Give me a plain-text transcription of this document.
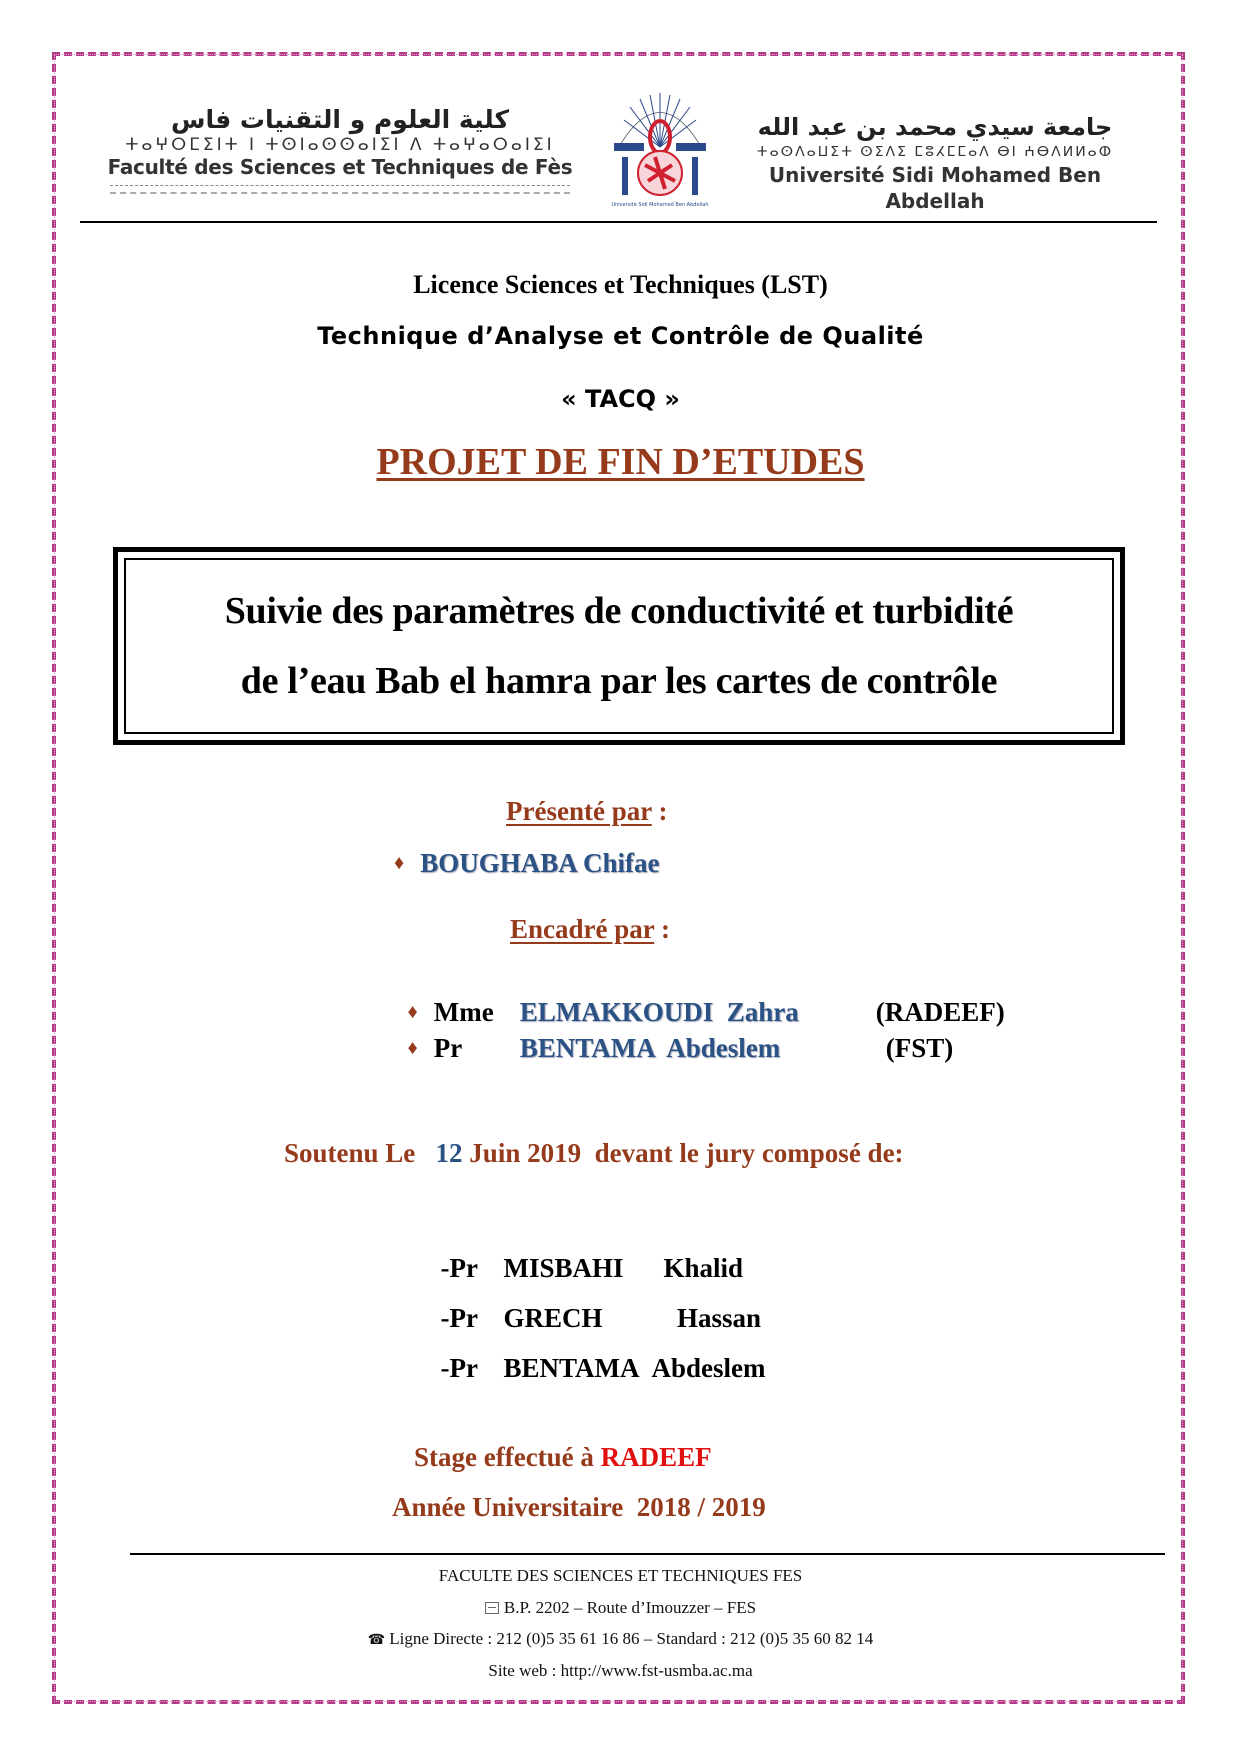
كلية العلوم و التقنيات فاس
ⵜⴰⵖⵔⵎⵉⵏⵜ ⵏ ⵜⵙⵏⴰⵙⵙⴰⵏⵉⵏ ⴷ ⵜⴰⵖⴰⵔⴰⵏⵉⵏ
Faculté des Sciences et Techniques de Fès
Université Sidi Mohamed Ben Abdellah
جامعة سيدي محمد بن عبد الله
ⵜⴰⵙⴷⴰⵡⵉⵜ ⵙⵉⴷⵉ ⵎⵓⵃⵎⵎⴰⴷ ⴱⵏ ⵄⴱⴷⵍⵍⴰⵀ
Université Sidi Mohamed Ben Abdellah
Licence Sciences et Techniques (LST)
Technique d’Analyse et Contrôle de Qualité
« TACQ »
PROJET DE FIN D’ETUDES
Suivie des paramètres de conductivité et turbidité
de l’eau Bab el hamra par les cartes de contrôle
Présenté par :
♦ BOUGHABA Chifae
Encadré par :

♦ Mme ELMAKKOUDI  Zahra	(RADEEF)

♦ Pr BENTAMA  Abdeslem	(FST)

Soutenu Le   12 Juin 2019  devant le jury composé de:

-Pr MISBAHI Khalid

-Pr GRECH  Hassan

-Pr BENTAMA Abdeslem

Stage effectué à RADEEF
Année Universitaire  2018 / 2019
FACULTE DES SCIENCES ET TECHNIQUES FES
B.P. 2202 – Route d’Imouzzer – FES
☎ Ligne Directe : 212 (0)5 35 61 16 86 – Standard : 212 (0)5 35 60 82 14
Site web : http://www.fst-usmba.ac.ma
